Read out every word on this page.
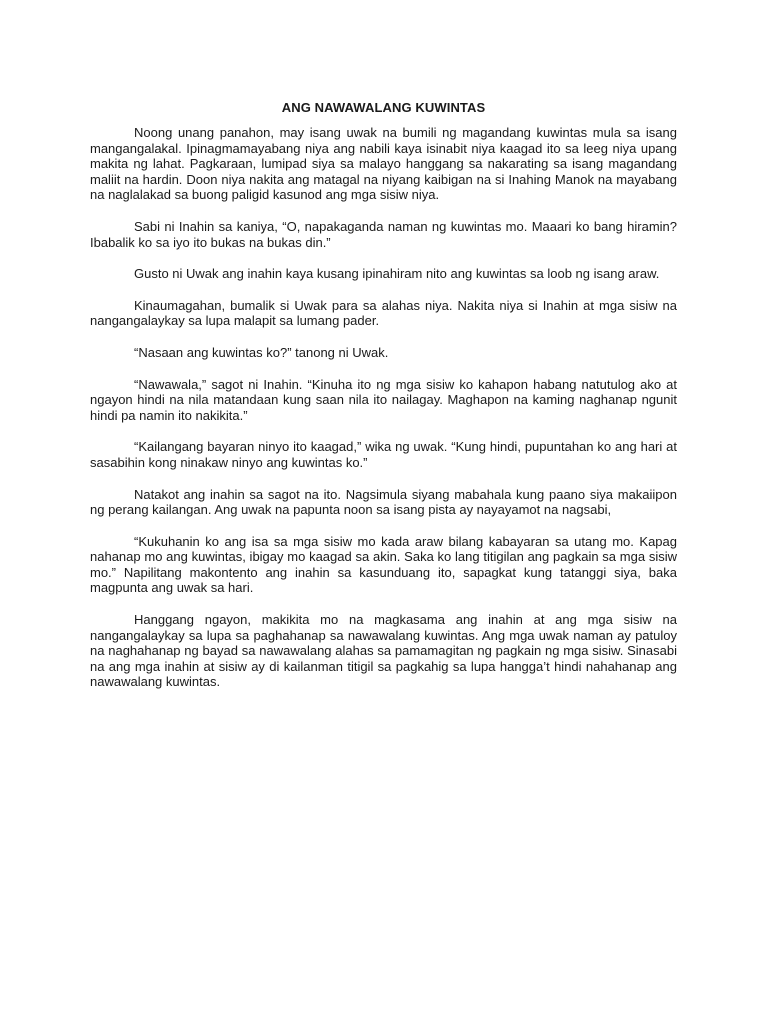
ANG NAWAWALANG KUWINTAS

Noong unang panahon, may isang uwak na bumili ng magandang kuwintas mula sa isang mangangalakal. Ipinagmamayabang niya ang nabili kaya isinabit niya kaagad ito sa leeg niya upang makita ng lahat. Pagkaraan, lumipad siya sa malayo hanggang sa nakarating sa isang magandang maliit na hardin. Doon niya nakita ang matagal na niyang kaibigan na si Inahing Manok na mayabang na naglalakad sa buong paligid kasunod ang mga sisiw niya.

Sabi ni Inahin sa kaniya, “O, napakaganda naman ng kuwintas mo. Maaari ko bang hiramin? Ibabalik ko sa iyo ito bukas na bukas din.”

Gusto ni Uwak ang inahin kaya kusang ipinahiram nito ang kuwintas sa loob ng isang araw.

Kinaumagahan, bumalik si Uwak para sa alahas niya. Nakita niya si Inahin at mga sisiw na nangangalaykay sa lupa malapit sa lumang pader.

“Nasaan ang kuwintas ko?” tanong ni Uwak.

“Nawawala,” sagot ni Inahin. “Kinuha ito ng mga sisiw ko kahapon habang natutulog ako at ngayon hindi na nila matandaan kung saan nila ito nailagay. Maghapon na kaming naghanap ngunit hindi pa namin ito nakikita.”

“Kailangang bayaran ninyo ito kaagad,” wika ng uwak. “Kung hindi, pupuntahan ko ang hari at sasabihin kong ninakaw ninyo ang kuwintas ko.”

Natakot ang inahin sa sagot na ito. Nagsimula siyang mabahala kung paano siya makaiipon ng perang kailangan. Ang uwak na papunta noon sa isang pista ay nayayamot na nagsabi,

“Kukuhanin ko ang isa sa mga sisiw mo kada araw bilang kabayaran sa utang mo. Kapag nahanap mo ang kuwintas, ibigay mo kaagad sa akin. Saka ko lang titigilan ang pagkain sa mga sisiw mo.” Napilitang makontento ang inahin sa kasunduang ito, sapagkat kung tatanggi siya, baka magpunta ang uwak sa hari.

Hanggang ngayon, makikita mo na magkasama ang inahin at ang mga sisiw na nangangalaykay sa lupa sa paghahanap sa nawawalang kuwintas. Ang mga uwak naman ay patuloy na naghahanap ng bayad sa nawawalang alahas sa pamamagitan ng pagkain ng mga sisiw. Sinasabi na ang mga inahin at sisiw ay di kailanman titigil sa pagkahig sa lupa hangga’t hindi nahahanap ang nawawalang kuwintas.
